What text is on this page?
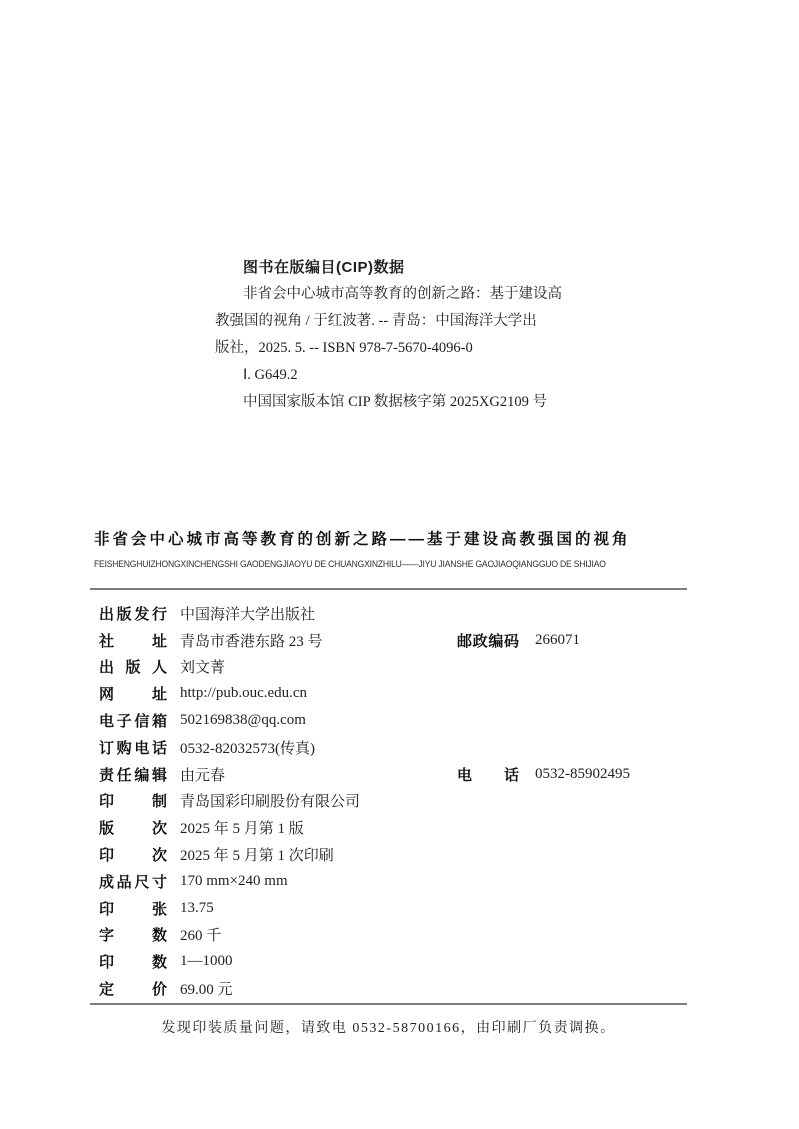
图书在版编目(CIP)数据
非省会中心城市高等教育的创新之路：基于建设高
教强国的视角 / 于红波著. -- 青岛：中国海洋大学出
版社，2025. 5. -- ISBN 978-7-5670-4096-0
Ⅰ. G649.2
中国国家版本馆 CIP 数据核字第 2025XG2109 号
非省会中心城市高等教育的创新之路——基于建设高教强国的视角
FEISHENGHUIZHONGXINCHENGSHI GAODENGJIAOYU DE CHUANGXINZHILU——JIYU JIANSHE GAOJIAOQIANGGUO DE SHIJIAO
出版发行 中国海洋大学出版社
社址 青岛市香港东路 23 号	邮政编码 266071
出版人 刘文菁
网址 http://pub.ouc.edu.cn
电子信箱 502169838@qq.com
订购电话 0532-82032573(传真)
责任编辑 由元春	电话 0532-85902495
印制 青岛国彩印刷股份有限公司
版次 2025 年 5 月第 1 版
印次 2025 年 5 月第 1 次印刷
成品尺寸 170 mm×240 mm
印张 13.75
字数 260 千
印数 1—1000
定价 69.00 元
发现印装质量问题，请致电 0532-58700166，由印刷厂负责调换。
